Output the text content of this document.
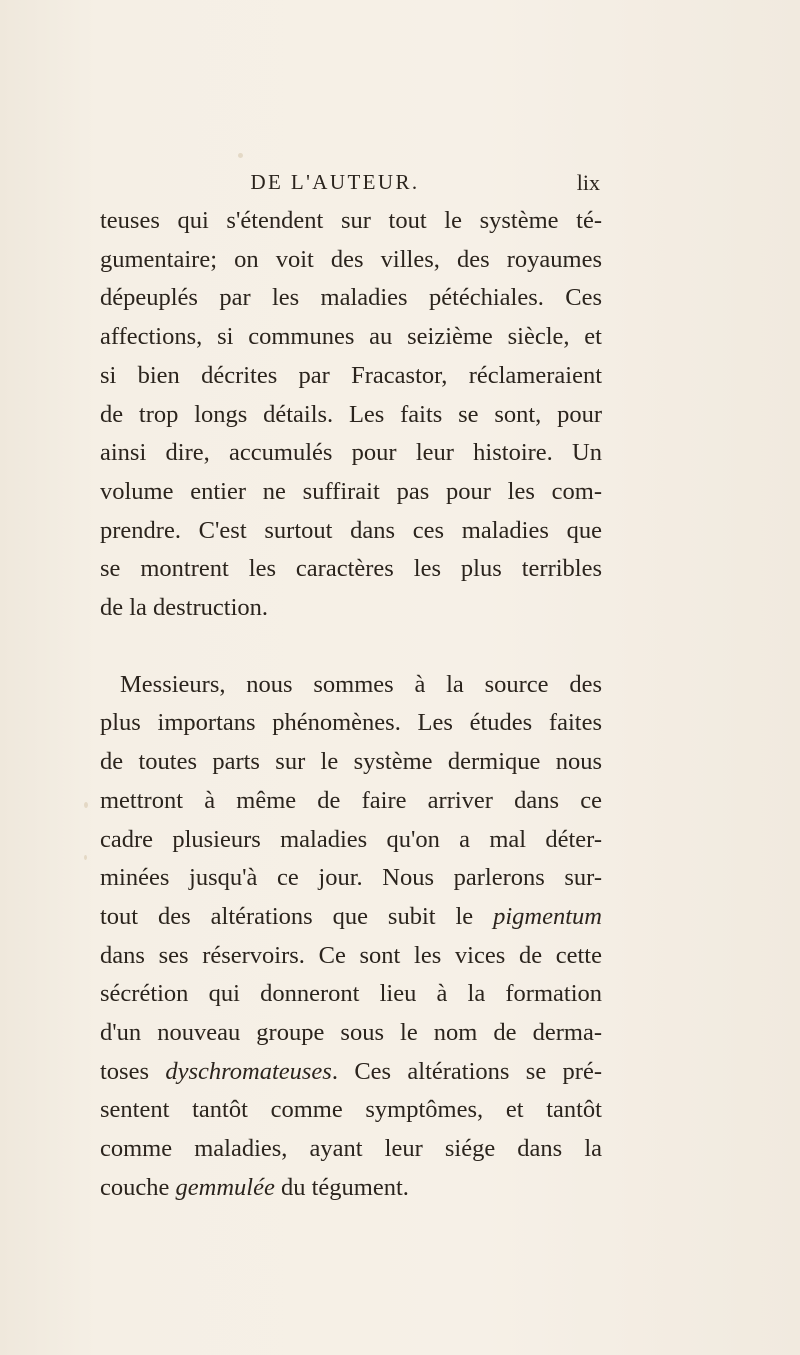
DE L'AUTEUR.	lix

teuses qui s'étendent sur tout le système té-
gumentaire; on voit des villes, des royaumes
dépeuplés par les maladies pétéchiales. Ces
affections, si communes au seizième siècle, et
si bien décrites par Fracastor, réclameraient
de trop longs détails. Les faits se sont, pour
ainsi dire, accumulés pour leur histoire. Un
volume entier ne suffirait pas pour les com-
prendre. C'est surtout dans ces maladies que
se montrent les caractères les plus terribles
de la destruction.

Messieurs, nous sommes à la source des
plus importans phénomènes. Les études faites
de toutes parts sur le système dermique nous
mettront à même de faire arriver dans ce
cadre plusieurs maladies qu'on a mal déter-
minées jusqu'à ce jour. Nous parlerons sur-
tout des altérations que subit le pigmentum
dans ses réservoirs. Ce sont les vices de cette
sécrétion qui donneront lieu à la formation
d'un nouveau groupe sous le nom de derma-
toses dyschromateuses. Ces altérations se pré-
sentent tantôt comme symptômes, et tantôt
comme maladies, ayant leur siége dans la
couche gemmulée du tégument.
